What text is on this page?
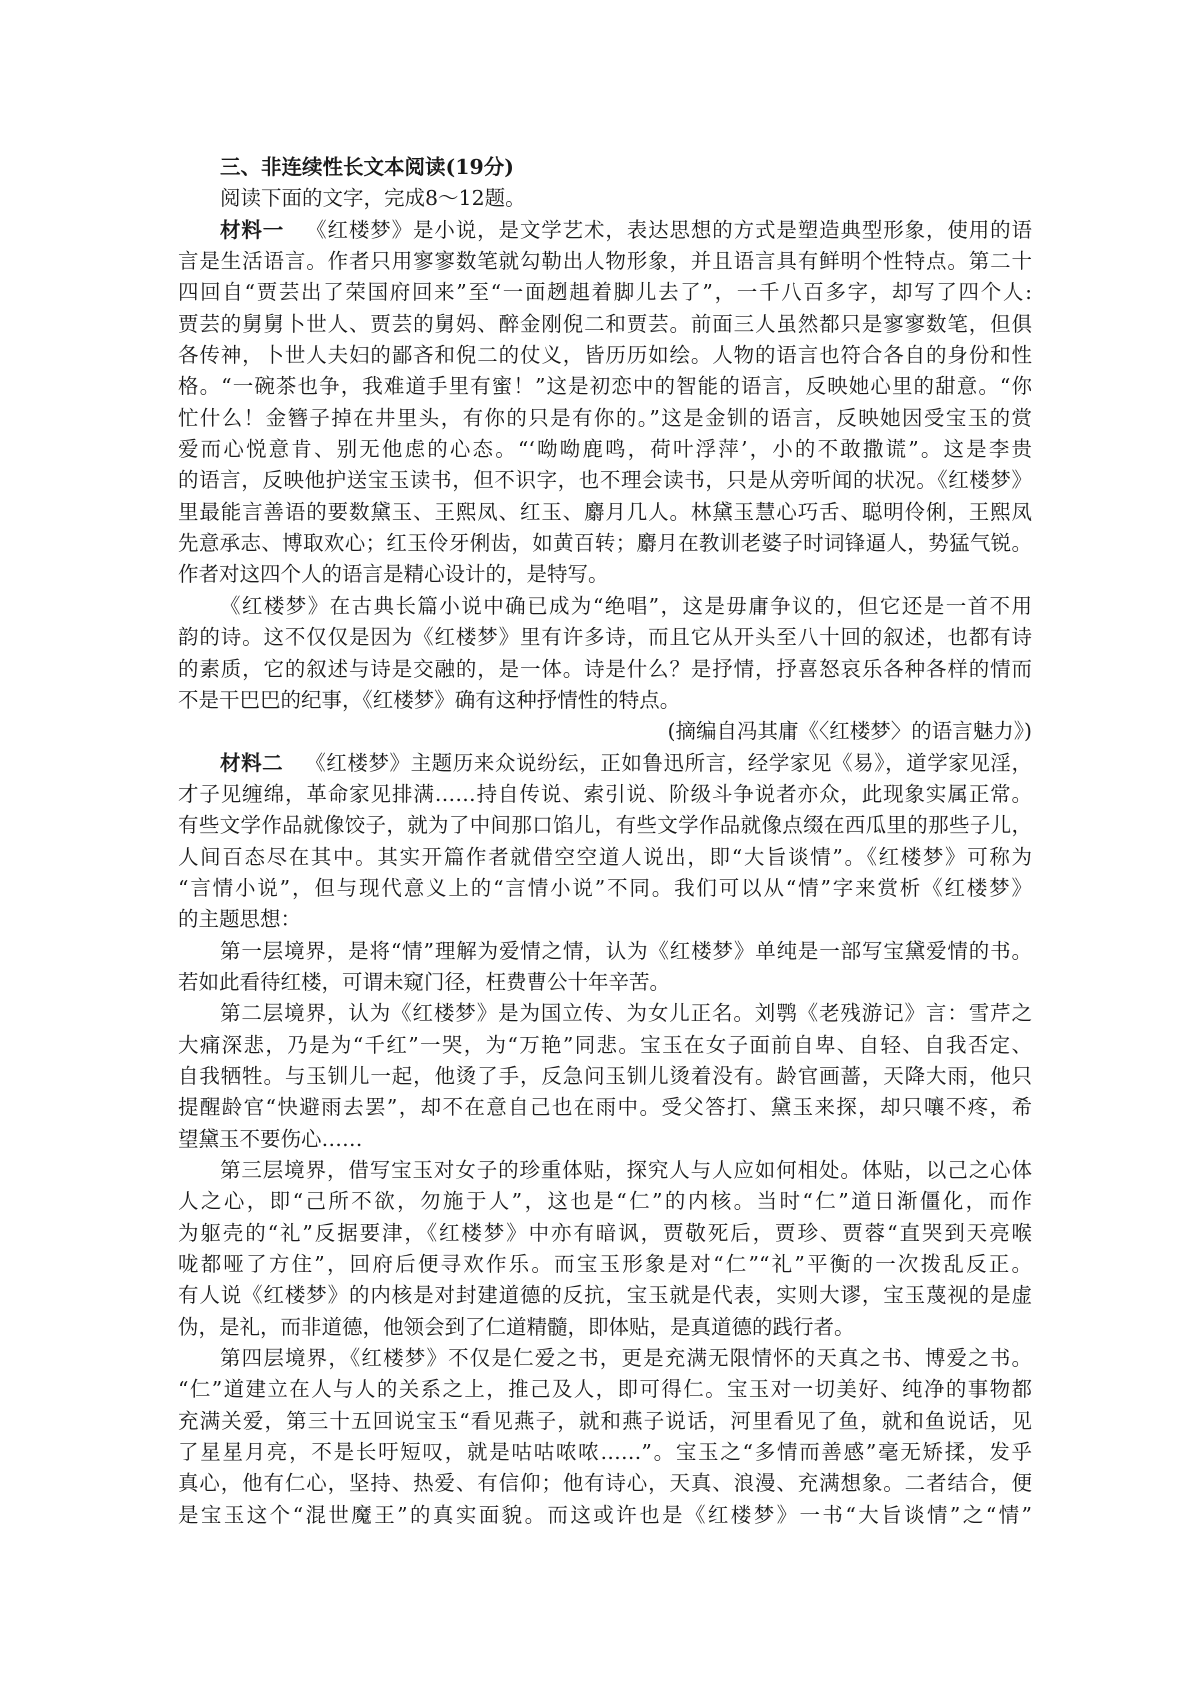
三、非连续性长文本阅读(19分)
阅读下面的文字，完成8～12题。
材料一 《红楼梦》是小说，是文学艺术，表达思想的方式是塑造典型形象，使用的语
言是生活语言。作者只用寥寥数笔就勾勒出人物形象，并且语言具有鲜明个性特点。第二十
四回自“贾芸出了荣国府回来”至“一面趔趄着脚儿去了”，一千八百多字，却写了四个人:
贾芸的舅舅卜世人、贾芸的舅妈、醉金刚倪二和贾芸。前面三人虽然都只是寥寥数笔，但俱
各传神，卜世人夫妇的鄙吝和倪二的仗义，皆历历如绘。人物的语言也符合各自的身份和性
格。“一碗茶也争，我难道手里有蜜！”这是初恋中的智能的语言，反映她心里的甜意。“你
忙什么！金簪子掉在井里头，有你的只是有你的。”这是金钏的语言，反映她因受宝玉的赏
爱而心悦意肯、别无他虑的心态。“‘呦呦鹿鸣，荷叶浮萍’，小的不敢撒谎”。这是李贵
的语言，反映他护送宝玉读书，但不识字，也不理会读书，只是从旁听闻的状况。《红楼梦》
里最能言善语的要数黛玉、王熙凤、红玉、麝月几人。林黛玉慧心巧舌、聪明伶俐，王熙凤
先意承志、博取欢心；红玉伶牙俐齿，如黄百转；麝月在教训老婆子时词锋逼人，势猛气锐。
作者对这四个人的语言是精心设计的，是特写。
《红楼梦》在古典长篇小说中确已成为“绝唱”，这是毋庸争议的，但它还是一首不用
韵的诗。这不仅仅是因为《红楼梦》里有许多诗，而且它从开头至八十回的叙述，也都有诗
的素质，它的叙述与诗是交融的，是一体。诗是什么？是抒情，抒喜怒哀乐各种各样的情而
不是干巴巴的纪事，《红楼梦》确有这种抒情性的特点。
(摘编自冯其庸《〈红楼梦〉的语言魅力》)
材料二 《红楼梦》主题历来众说纷纭，正如鲁迅所言，经学家见《易》，道学家见淫，
才子见缠绵，革命家见排满……持自传说、索引说、阶级斗争说者亦众，此现象实属正常。
有些文学作品就像饺子，就为了中间那口馅儿，有些文学作品就像点缀在西瓜里的那些子儿，
人间百态尽在其中。其实开篇作者就借空空道人说出，即“大旨谈情”。《红楼梦》可称为
“言情小说”，但与现代意义上的“言情小说”不同。我们可以从“情”字来赏析《红楼梦》
的主题思想：
第一层境界，是将“情”理解为爱情之情，认为《红楼梦》单纯是一部写宝黛爱情的书。
若如此看待红楼，可谓未窥门径，枉费曹公十年辛苦。
第二层境界，认为《红楼梦》是为国立传、为女儿正名。刘鹗《老残游记》言：雪芹之
大痛深悲，乃是为“千红”一哭，为“万艳”同悲。宝玉在女子面前自卑、自轻、自我否定、
自我牺牲。与玉钏儿一起，他烫了手，反急问玉钏儿烫着没有。龄官画蔷，天降大雨，他只
提醒龄官“快避雨去罢”，却不在意自己也在雨中。受父答打、黛玉来探，却只嚷不疼，希
望黛玉不要伤心……
第三层境界，借写宝玉对女子的珍重体贴，探究人与人应如何相处。体贴，以己之心体
人之心，即“己所不欲，勿施于人”，这也是“仁”的内核。当时“仁”道日渐僵化，而作
为躯壳的“礼”反据要津，《红楼梦》中亦有暗讽，贾敬死后，贾珍、贾蓉“直哭到天亮喉
咙都哑了方住”，回府后便寻欢作乐。而宝玉形象是对“仁”“礼”平衡的一次拨乱反正。
有人说《红楼梦》的内核是对封建道德的反抗，宝玉就是代表，实则大谬，宝玉蔑视的是虚
伪，是礼，而非道德，他领会到了仁道精髓，即体贴，是真道德的践行者。
第四层境界，《红楼梦》不仅是仁爱之书，更是充满无限情怀的天真之书、博爱之书。
“仁”道建立在人与人的关系之上，推己及人，即可得仁。宝玉对一切美好、纯净的事物都
充满关爱，第三十五回说宝玉“看见燕子，就和燕子说话，河里看见了鱼，就和鱼说话，见
了星星月亮，不是长吁短叹，就是咕咕哝哝……”。宝玉之“多情而善感”毫无矫揉，发乎
真心，他有仁心，坚持、热爱、有信仰；他有诗心，天真、浪漫、充满想象。二者结合，便
是宝玉这个“混世魔王”的真实面貌。而这或许也是《红楼梦》一书“大旨谈情”之“情”
